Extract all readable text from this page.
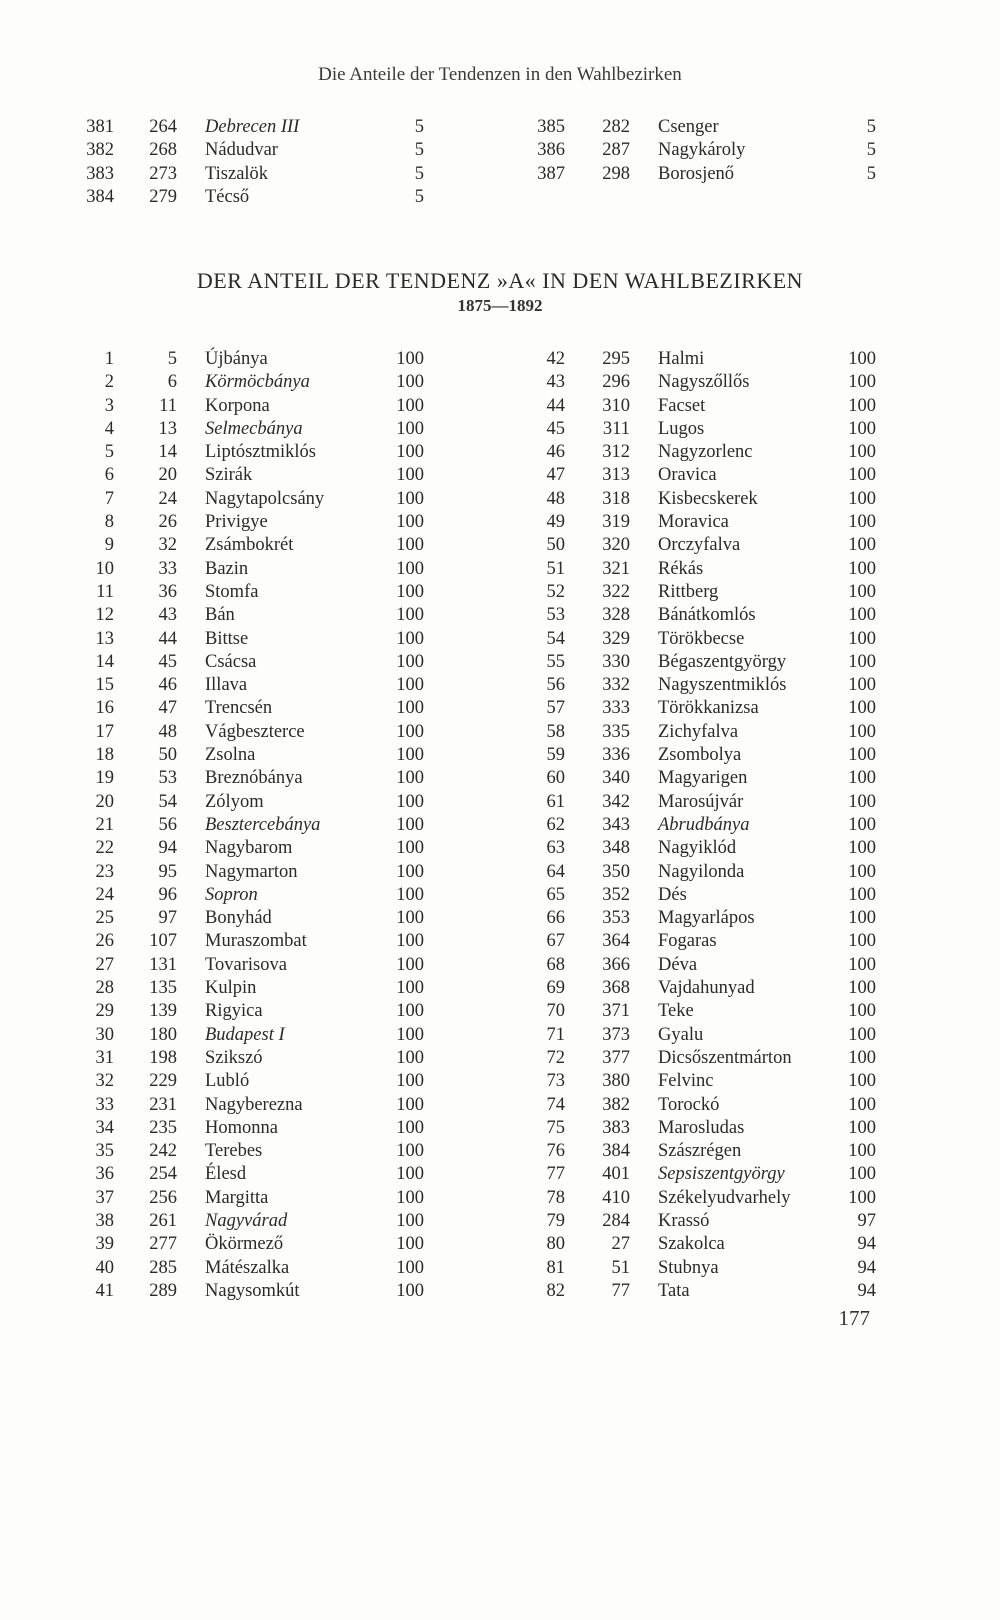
Die Anteile der Tendenzen in den Wahlbezirken
381	264 Debrecen III	5
382	268 Nádudvar	5
383	273 Tiszalök	5
384	279 Técső	5
385	282 Csenger	5
386	287 Nagykároly	5
387	298 Borosjenő	5
DER ANTEIL DER TENDENZ »A« IN DEN WAHLBEZIRKEN
1875—1892
1	5 Újbánya	100
2	6 Körmöcbánya	100
3	11 Korpona	100
4	13 Selmecbánya	100
5	14 Liptósztmiklós	100
6	20 Szirák	100
7	24 Nagytapolcsány	100
8	26 Privigye	100
9	32 Zsámbokrét	100
10	33 Bazin	100
11	36 Stomfa	100
12	43 Bán	100
13	44 Bittse	100
14	45 Csácsa	100
15	46 Illava	100
16	47 Trencsén	100
17	48 Vágbeszterce	100
18	50 Zsolna	100
19	53 Breznóbánya	100
20	54 Zólyom	100
21	56 Besztercebánya	100
22	94 Nagybarom	100
23	95 Nagymarton	100
24	96 Sopron	100
25	97 Bonyhád	100
26	107 Muraszombat	100
27	131 Tovarisova	100
28	135 Kulpin	100
29	139 Rigyica	100
30	180 Budapest I	100
31	198 Szikszó	100
32	229 Lubló	100
33	231 Nagyberezna	100
34	235 Homonna	100
35	242 Terebes	100
36	254 Élesd	100
37	256 Margitta	100
38	261 Nagyvárad	100
39	277 Ökörmező	100
40	285 Mátészalka	100
41	289 Nagysomkút	100
42	295 Halmi	100
43	296 Nagyszőllős	100
44	310 Facset	100
45	311 Lugos	100
46	312 Nagyzorlenc	100
47	313 Oravica	100
48	318 Kisbecskerek	100
49	319 Moravica	100
50	320 Orczyfalva	100
51	321 Rékás	100
52	322 Rittberg	100
53	328 Bánátkomlós	100
54	329 Törökbecse	100
55	330 Bégaszentgyörgy	100
56	332 Nagyszentmiklós	100
57	333 Törökkanizsa	100
58	335 Zichyfalva	100
59	336 Zsombolya	100
60	340 Magyarigen	100
61	342 Marosújvár	100
62	343 Abrudbánya	100
63	348 Nagyiklód	100
64	350 Nagyilonda	100
65	352 Dés	100
66	353 Magyarlápos	100
67	364 Fogaras	100
68	366 Déva	100
69	368 Vajdahunyad	100
70	371 Teke	100
71	373 Gyalu	100
72	377 Dicsőszentmárton	100
73	380 Felvinc	100
74	382 Torockó	100
75	383 Marosludas	100
76	384 Szászrégen	100
77	401 Sepsiszentgyörgy	100
78	410 Székelyudvarhely	100
79	284 Krassó	97
80	27 Szakolca	94
81	51 Stubnya	94
82	77 Tata	94
177
